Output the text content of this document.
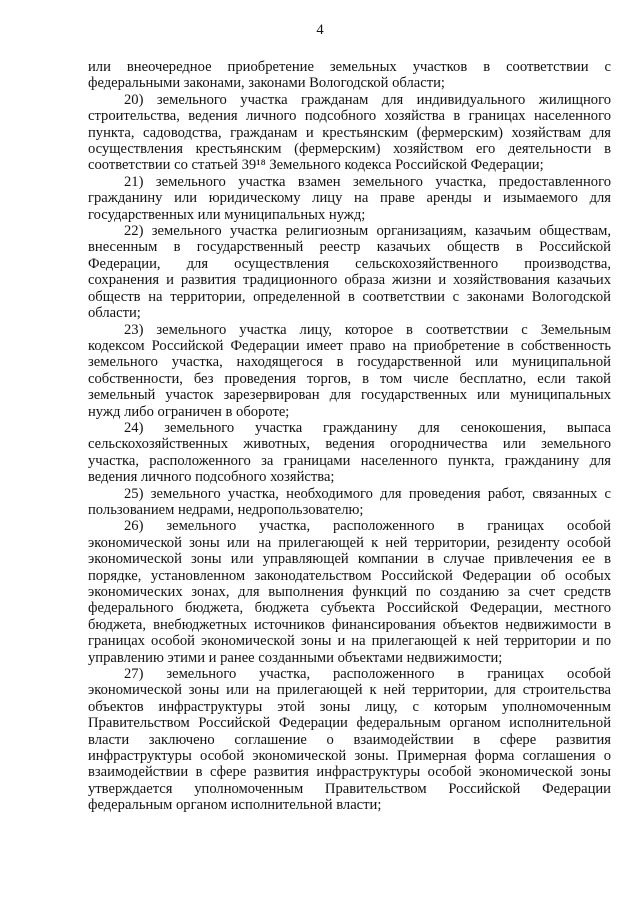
4
или внеочередное приобретение земельных участков в соответствии с
федеральными законами, законами Вологодской области;
20) земельного участка гражданам для индивидуального жилищного
строительства, ведения личного подсобного хозяйства в границах населенного
пункта, садоводства, гражданам и крестьянским (фермерским) хозяйствам для
осуществления крестьянским (фермерским) хозяйством его деятельности в
соответствии со статьей 39¹⁸ Земельного кодекса Российской Федерации;
21) земельного участка взамен земельного участка, предоставленного
гражданину или юридическому лицу на праве аренды и изымаемого для
государственных или муниципальных нужд;
22) земельного участка религиозным организациям, казачьим обществам,
внесенным в государственный реестр казачьих обществ в Российской
Федерации, для осуществления сельскохозяйственного производства,
сохранения и развития традиционного образа жизни и хозяйствования казачьих
обществ на территории, определенной в соответствии с законами Вологодской
области;
23) земельного участка лицу, которое в соответствии с Земельным
кодексом Российской Федерации имеет право на приобретение в собственность
земельного участка, находящегося в государственной или муниципальной
собственности, без проведения торгов, в том числе бесплатно, если такой
земельный участок зарезервирован для государственных или муниципальных
нужд либо ограничен в обороте;
24) земельного участка гражданину для сенокошения, выпаса
сельскохозяйственных животных, ведения огородничества или земельного
участка, расположенного за границами населенного пункта, гражданину для
ведения личного подсобного хозяйства;
25) земельного участка, необходимого для проведения работ, связанных с
пользованием недрами, недропользователю;
26) земельного участка, расположенного в границах особой
экономической зоны или на прилегающей к ней территории, резиденту особой
экономической зоны или управляющей компании в случае привлечения ее в
порядке, установленном законодательством Российской Федерации об особых
экономических зонах, для выполнения функций по созданию за счет средств
федерального бюджета, бюджета субъекта Российской Федерации, местного
бюджета, внебюджетных источников финансирования объектов недвижимости в
границах особой экономической зоны и на прилегающей к ней территории и по
управлению этими и ранее созданными объектами недвижимости;
27) земельного участка, расположенного в границах особой
экономической зоны или на прилегающей к ней территории, для строительства
объектов инфраструктуры этой зоны лицу, с которым уполномоченным
Правительством Российской Федерации федеральным органом исполнительной
власти заключено соглашение о взаимодействии в сфере развития
инфраструктуры особой экономической зоны. Примерная форма соглашения о
взаимодействии в сфере развития инфраструктуры особой экономической зоны
утверждается уполномоченным Правительством Российской Федерации
федеральным органом исполнительной власти;
